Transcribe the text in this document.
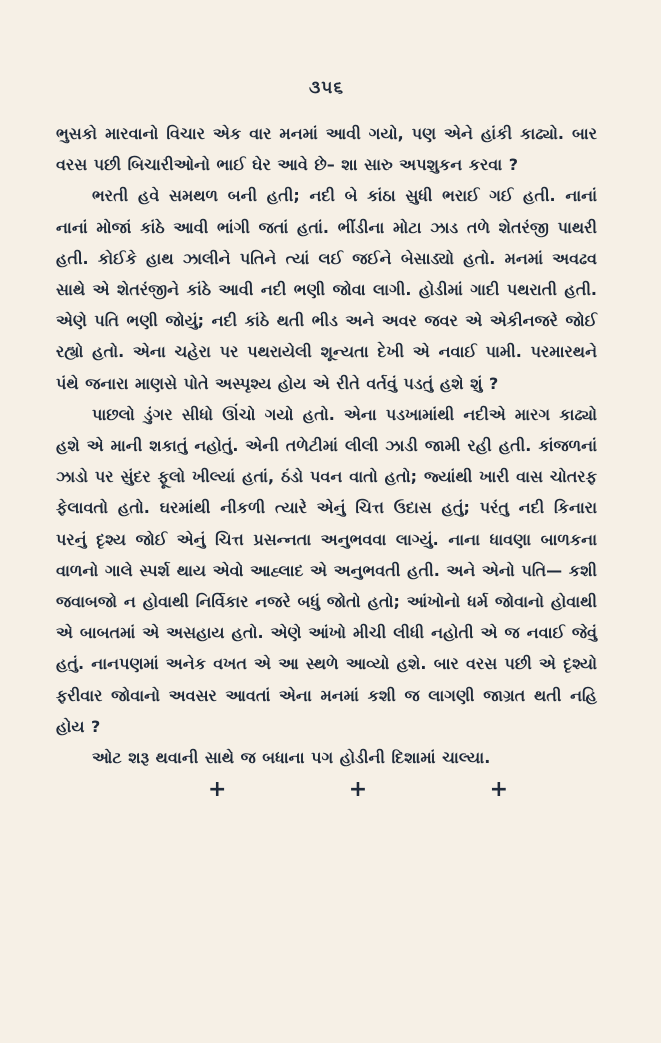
૩૫૬

ભુસકો મારવાનો વિચાર એક વાર મનમાં આવી ગયો, પણ એને હાંકી કાઢ્યો. બાર વરસ પછી બિચારીઓનો ભાઈ ઘેર આવે છે– શા સારુ અપશુકન કરવા ?

ભરતી હવે સમથળ બની હતી; નદી બે કાંઠા સુધી ભરાઈ ગઈ હતી. નાનાં નાનાં મોજાં કાંઠે આવી ભાંગી જતાં હતાં. ભીંડીના મોટા ઝાડ તળે શેતરંજી પાથરી હતી. કોઈકે હાથ ઝાલીને પતિને ત્યાં લઈ જઈને બેસાડ્યો હતો. મનમાં અવઢવ સાથે એ શેતરંજીને કાંઠે આવી નદી ભણી જોવા લાગી. હોડીમાં ગાદી પથરાતી હતી. એણે પતિ ભણી જોયું; નદી કાંઠે થતી ભીડ અને અવર જવર એ એકીનજરે જોઈ રહ્યો હતો. એના ચહેરા પર પથરાયેલી શૂન્યતા દેખી એ નવાઈ પામી. પરમારથને પંથે જનારા માણસે પોતે અસ્પૃશ્ય હોય એ રીતે વર્તવું પડતું હશે શું ?

પાછલો ડુંગર સીધો ઊંચો ગયો હતો. એના પડખામાંથી નદીએ મારગ કાઢ્યો હશે એ માની શકાતું નહોતું. એની તળેટીમાં લીલી ઝાડી જામી રહી હતી. કાંજળનાં ઝાડો પર સુંદર ફૂલો ખીલ્યાં હતાં, ઠંડો પવન વાતો હતો; જ્યાંથી ખારી વાસ ચોતરફ ફેલાવતો હતો. ઘરમાંથી નીકળી ત્યારે એનું ચિત્ત ઉદાસ હતું; પરંતુ નદી કિનારા પરનું દૃશ્ય જોઈ એનું ચિત્ત પ્રસન્નતા અનુભવવા લાગ્યું. નાના ધાવણા બાળકના વાળનો ગાલે સ્પર્શ થાય એવો આહ્લાદ એ અનુભવતી હતી. અને એનો પતિ— કશી જવાબજો ન હોવાથી નિર્વિકાર નજરે બધું જોતો હતો; આંખોનો ધર્મ જોવાનો હોવાથી એ બાબતમાં એ અસહાય હતો. એણે આંખો મીચી લીધી નહોતી એ જ નવાઈ જેવું હતું. નાનપણમાં અનેક વખત એ આ સ્થળે આવ્યો હશે. બાર વરસ પછી એ દૃશ્યો ફરીવાર જોવાનો અવસર આવતાં એના મનમાં કશી જ લાગણી જાગ્રત થતી નહિ હોય ?

ઓટ શરૂ થવાની સાથે જ બધાના પગ હોડીની દિશામાં ચાલ્યા.

+	+	+
